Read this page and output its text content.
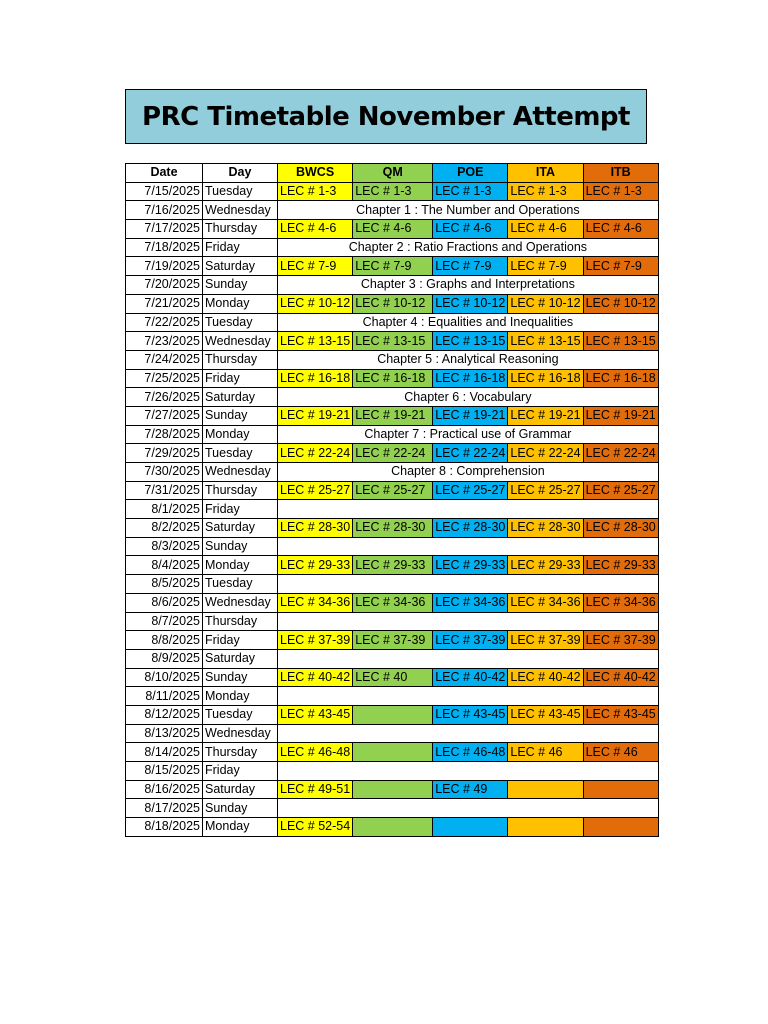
PRC Timetable November Attempt
Date	Day	BWCS	QM	POE	ITA	ITB
7/15/2025	Tuesday	LEC # 1-3	LEC # 1-3	LEC # 1-3	LEC # 1-3	LEC # 1-3
7/16/2025	Wednesday	Chapter 1 : The Number and Operations				
7/17/2025	Thursday	LEC # 4-6	LEC # 4-6	LEC # 4-6	LEC # 4-6	LEC # 4-6
7/18/2025	Friday	Chapter 2 : Ratio Fractions and Operations				
7/19/2025	Saturday	LEC # 7-9	LEC # 7-9	LEC # 7-9	LEC # 7-9	LEC # 7-9
7/20/2025	Sunday	Chapter 3 : Graphs and Interpretations				
7/21/2025	Monday	LEC # 10-12	LEC # 10-12	LEC # 10-12	LEC # 10-12	LEC # 10-12
7/22/2025	Tuesday	Chapter 4 : Equalities and Inequalities				
7/23/2025	Wednesday	LEC # 13-15	LEC # 13-15	LEC # 13-15	LEC # 13-15	LEC # 13-15
7/24/2025	Thursday	Chapter 5 : Analytical Reasoning				
7/25/2025	Friday	LEC # 16-18	LEC # 16-18	LEC # 16-18	LEC # 16-18	LEC # 16-18
7/26/2025	Saturday	Chapter 6 : Vocabulary				
7/27/2025	Sunday	LEC # 19-21	LEC # 19-21	LEC # 19-21	LEC # 19-21	LEC # 19-21
7/28/2025	Monday	Chapter 7 : Practical use of Grammar				
7/29/2025	Tuesday	LEC # 22-24	LEC # 22-24	LEC # 22-24	LEC # 22-24	LEC # 22-24
7/30/2025	Wednesday	Chapter 8 : Comprehension				
7/31/2025	Thursday	LEC # 25-27	LEC # 25-27	LEC # 25-27	LEC # 25-27	LEC # 25-27
8/1/2025	Friday					
8/2/2025	Saturday	LEC # 28-30	LEC # 28-30	LEC # 28-30	LEC # 28-30	LEC # 28-30
8/3/2025	Sunday					
8/4/2025	Monday	LEC # 29-33	LEC # 29-33	LEC # 29-33	LEC # 29-33	LEC # 29-33
8/5/2025	Tuesday					
8/6/2025	Wednesday	LEC # 34-36	LEC # 34-36	LEC # 34-36	LEC # 34-36	LEC # 34-36
8/7/2025	Thursday					
8/8/2025	Friday	LEC # 37-39	LEC # 37-39	LEC # 37-39	LEC # 37-39	LEC # 37-39
8/9/2025	Saturday					
8/10/2025	Sunday	LEC # 40-42	LEC # 40	LEC # 40-42	LEC # 40-42	LEC # 40-42
8/11/2025	Monday					
8/12/2025	Tuesday	LEC # 43-45		LEC # 43-45	LEC # 43-45	LEC # 43-45
8/13/2025	Wednesday					
8/14/2025	Thursday	LEC # 46-48		LEC # 46-48	LEC # 46	LEC # 46
8/15/2025	Friday					
8/16/2025	Saturday	LEC # 49-51		LEC # 49		
8/17/2025	Sunday					
8/18/2025	Monday	LEC # 52-54				
